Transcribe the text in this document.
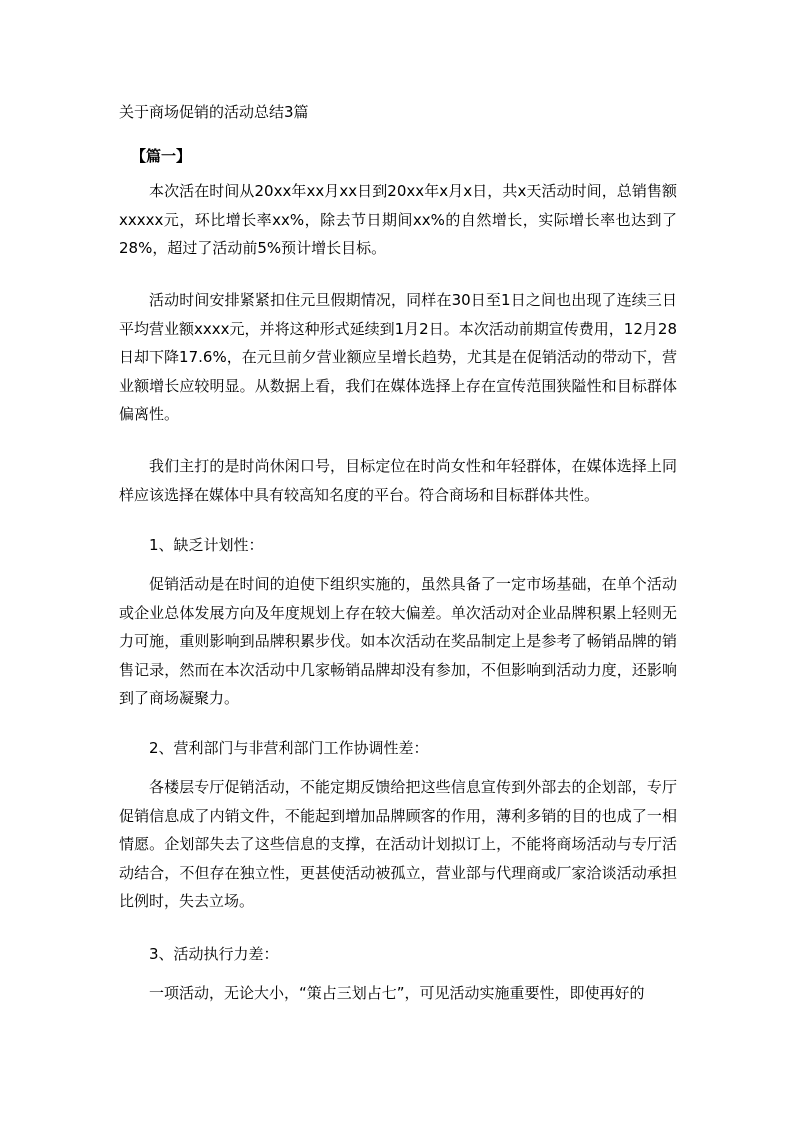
关于商场促销的活动总结3篇
【篇一】

本次活在时间从20xx年xx月xx日到20xx年x月x日，共x天活动时间，总销售额xxxxx元，环比增长率xx%，除去节日期间xx%的自然增长，实际增长率也达到了28%，超过了活动前5%预计增长目标。

活动时间安排紧紧扣住元旦假期情况，同样在30日至1日之间也出现了连续三日平均营业额xxxx元，并将这种形式延续到1月2日。本次活动前期宣传费用，12月28日却下降17.6%，在元旦前夕营业额应呈增长趋势，尤其是在促销活动的带动下，营业额增长应较明显。从数据上看，我们在媒体选择上存在宣传范围狭隘性和目标群体偏离性。

我们主打的是时尚休闲口号，目标定位在时尚女性和年轻群体，在媒体选择上同样应该选择在媒体中具有较高知名度的平台。符合商场和目标群体共性。

1、缺乏计划性：

促销活动是在时间的迫使下组织实施的，虽然具备了一定市场基础，在单个活动或企业总体发展方向及年度规划上存在较大偏差。单次活动对企业品牌积累上轻则无力可施，重则影响到品牌积累步伐。如本次活动在奖品制定上是参考了畅销品牌的销售记录，然而在本次活动中几家畅销品牌却没有参加，不但影响到活动力度，还影响到了商场凝聚力。

2、营利部门与非营利部门工作协调性差：

各楼层专厅促销活动，不能定期反馈给把这些信息宣传到外部去的企划部，专厅促销信息成了内销文件，不能起到增加品牌顾客的作用，薄利多销的目的也成了一相情愿。企划部失去了这些信息的支撑，在活动计划拟订上，不能将商场活动与专厅活动结合，不但存在独立性，更甚使活动被孤立，营业部与代理商或厂家洽谈活动承担比例时，失去立场。

3、活动执行力差：

一项活动，无论大小，“策占三划占七”，可见活动实施重要性，即使再好的
